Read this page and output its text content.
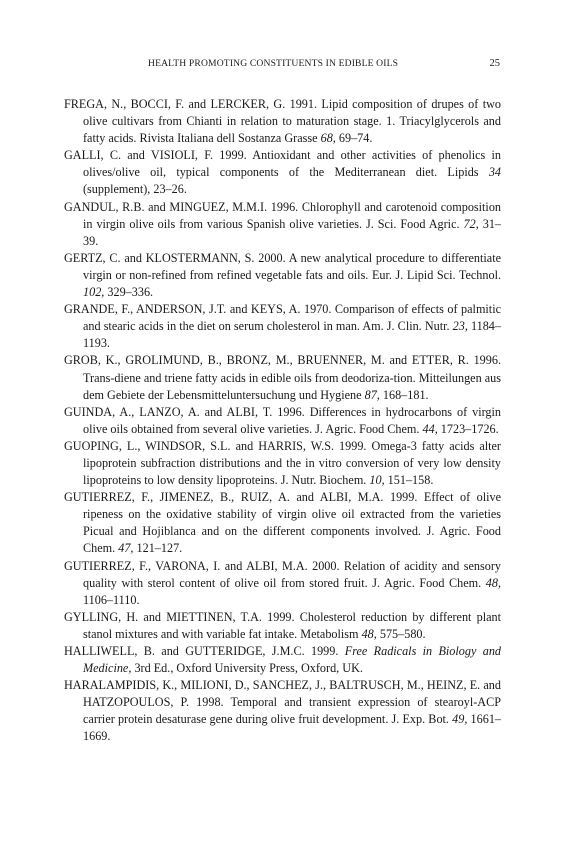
HEALTH PROMOTING CONSTITUENTS IN EDIBLE OILS	25
FREGA, N., BOCCI, F. and LERCKER, G. 1991. Lipid composition of drupes of two olive cultivars from Chianti in relation to maturation stage. 1. Triacylglycerols and fatty acids. Rivista Italiana dell Sostanza Grasse 68, 69–74.
GALLI, C. and VISIOLI, F. 1999. Antioxidant and other activities of phenolics in olives/olive oil, typical components of the Mediterranean diet. Lipids 34 (supplement), 23–26.
GANDUL, R.B. and MINGUEZ, M.M.I. 1996. Chlorophyll and carotenoid composition in virgin olive oils from various Spanish olive varieties. J. Sci. Food Agric. 72, 31–39.
GERTZ, C. and KLOSTERMANN, S. 2000. A new analytical procedure to differentiate virgin or non-refined from refined vegetable fats and oils. Eur. J. Lipid Sci. Technol. 102, 329–336.
GRANDE, F., ANDERSON, J.T. and KEYS, A. 1970. Comparison of effects of palmitic and stearic acids in the diet on serum cholesterol in man. Am. J. Clin. Nutr. 23, 1184–1193.
GROB, K., GROLIMUND, B., BRONZ, M., BRUENNER, M. and ETTER, R. 1996. Trans-diene and triene fatty acids in edible oils from deodoriza-tion. Mitteilungen aus dem Gebiete der Lebensmitteluntersuchung und Hygiene 87, 168–181.
GUINDA, A., LANZO, A. and ALBI, T. 1996. Differences in hydrocarbons of virgin olive oils obtained from several olive varieties. J. Agric. Food Chem. 44, 1723–1726.
GUOPING, L., WINDSOR, S.L. and HARRIS, W.S. 1999. Omega-3 fatty acids alter lipoprotein subfraction distributions and the in vitro conversion of very low density lipoproteins to low density lipoproteins. J. Nutr. Biochem. 10, 151–158.
GUTIERREZ, F., JIMENEZ, B., RUIZ, A. and ALBI, M.A. 1999. Effect of olive ripeness on the oxidative stability of virgin olive oil extracted from the varieties Picual and Hojiblanca and on the different components involved. J. Agric. Food Chem. 47, 121–127.
GUTIERREZ, F., VARONA, I. and ALBI, M.A. 2000. Relation of acidity and sensory quality with sterol content of olive oil from stored fruit. J. Agric. Food Chem. 48, 1106–1110.
GYLLING, H. and MIETTINEN, T.A. 1999. Cholesterol reduction by different plant stanol mixtures and with variable fat intake. Metabolism 48, 575–580.
HALLIWELL, B. and GUTTERIDGE, J.M.C. 1999. Free Radicals in Biology and Medicine, 3rd Ed., Oxford University Press, Oxford, UK.
HARALAMPIDIS, K., MILIONI, D., SANCHEZ, J., BALTRUSCH, M., HEINZ, E. and HATZOPOULOS, P. 1998. Temporal and transient expression of stearoyl-ACP carrier protein desaturase gene during olive fruit development. J. Exp. Bot. 49, 1661–1669.
